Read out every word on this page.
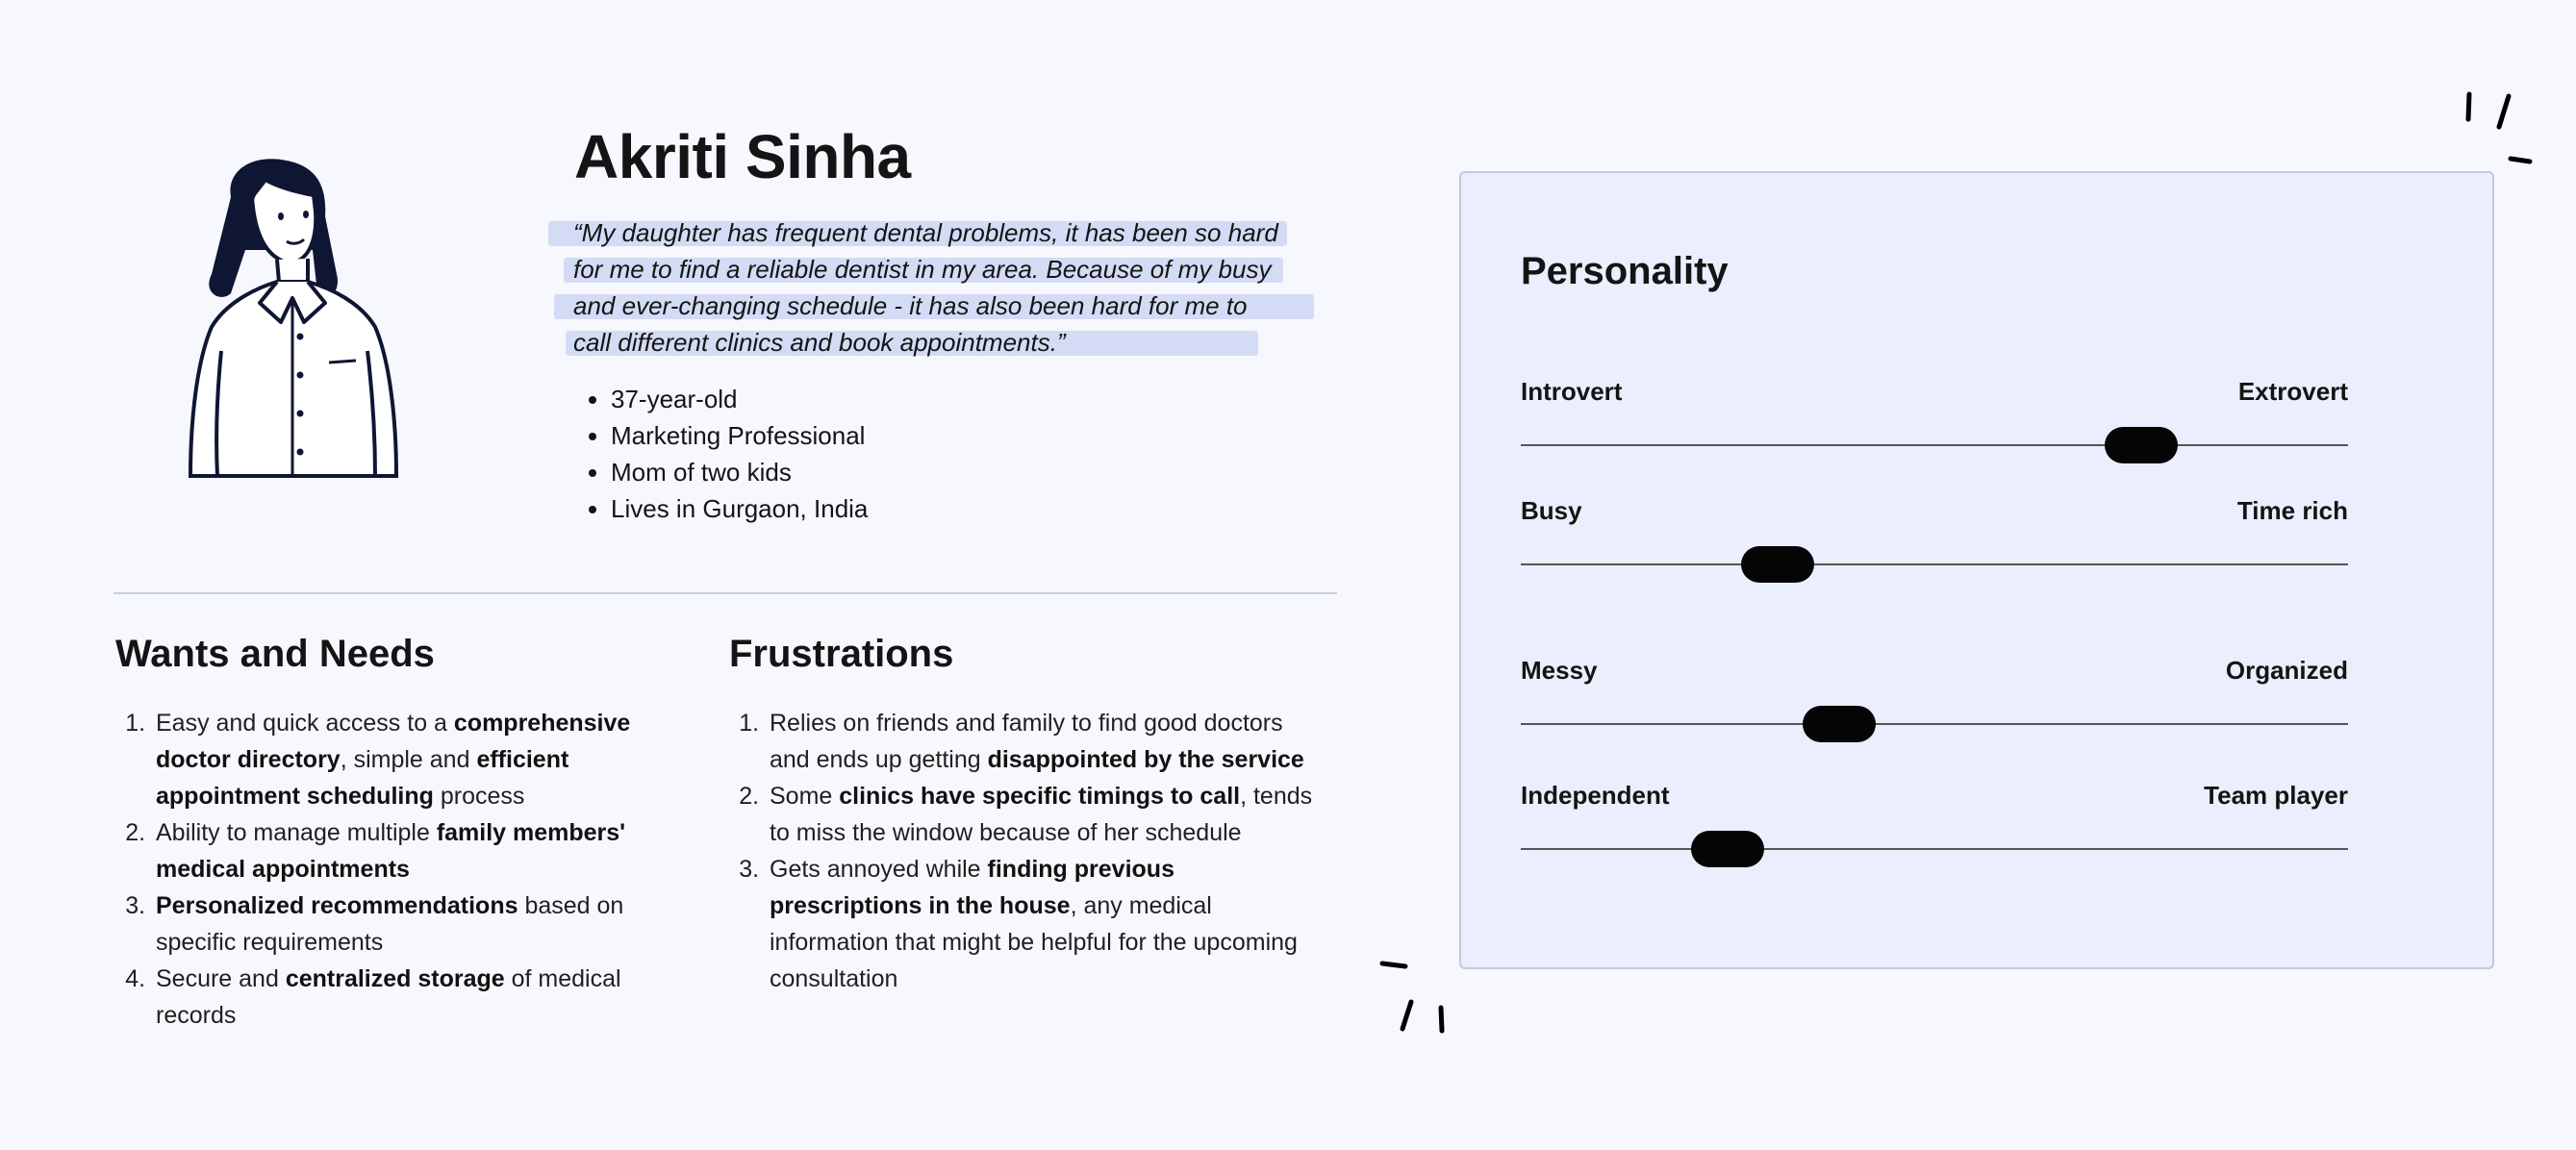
Akriti Sinha

“My daughter has frequent dental problems, it has been so hard
for me to find a reliable dentist in my area. Because of my busy
and ever-changing schedule - it has also been hard for me to
call different clinics and book appointments.”

• 37-year-old
• Marketing Professional
• Mom of two kids
• Lives in Gurgaon, India
Wants and Needs
1. Easy and quick access to a comprehensive doctor directory, simple and efficient appointment scheduling process
2. Ability to manage multiple family members' medical appointments
3. Personalized recommendations based on specific requirements
4. Secure and centralized storage of medical records
Frustrations
1. Relies on friends and family to find good doctors and ends up getting disappointed by the service
2. Some clinics have specific timings to call, tends to miss the window because of her schedule
3. Gets annoyed while finding previous prescriptions in the house, any medical information that might be helpful for the upcoming consultation
Personality
Introvert	Extrovert
Busy	Time rich
Messy	Organized
Independent	Team player
